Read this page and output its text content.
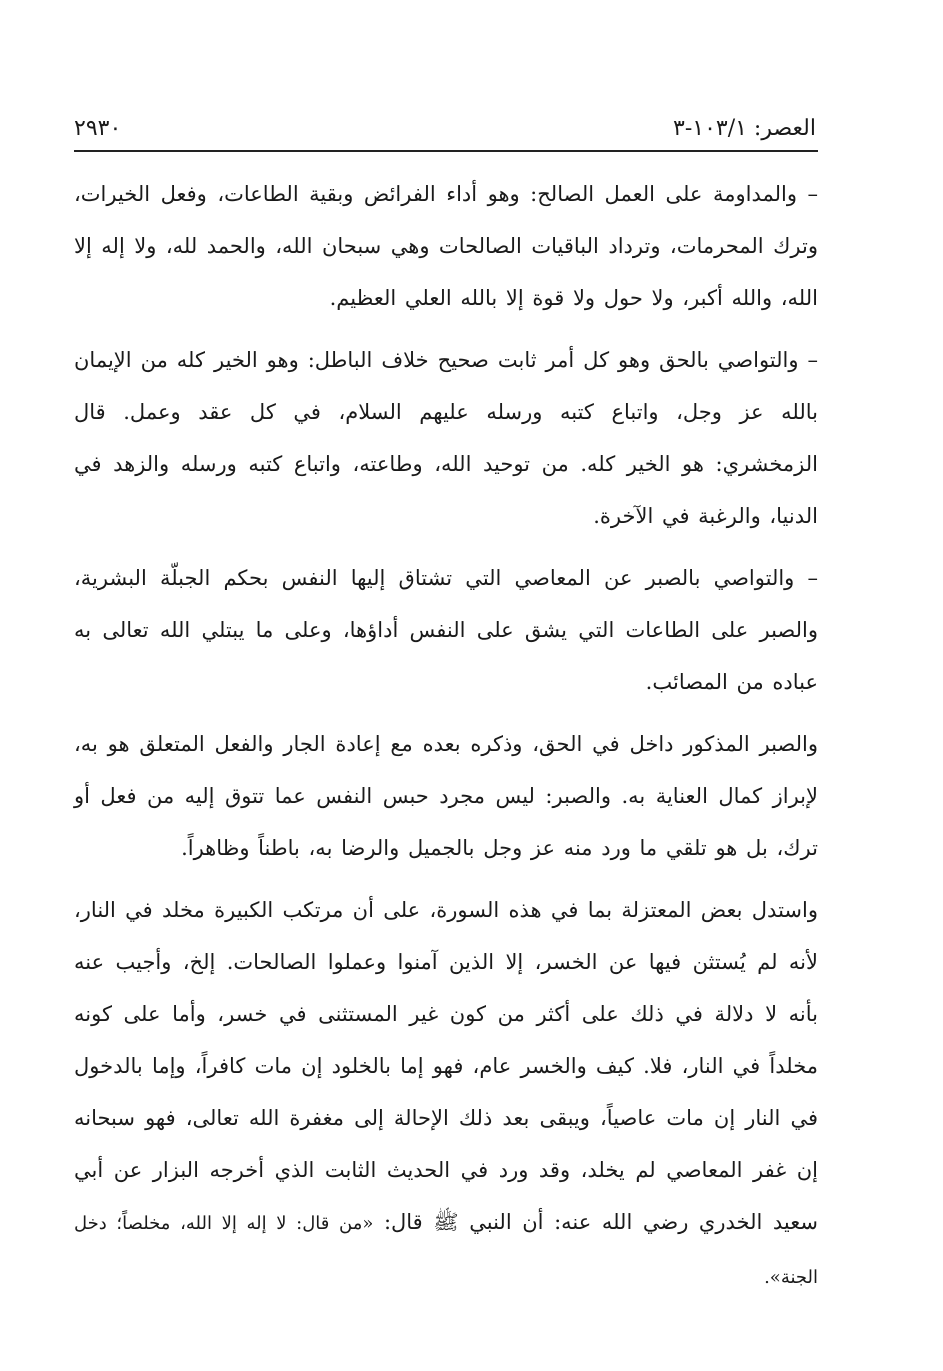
العصر: ١٠٣/١-٣
٢٩٣٠

– والمداومة على العمل الصالح: وهو أداء الفرائض وبقية الطاعات، وفعل الخيرات، وترك المحرمات، وترداد الباقيات الصالحات وهي سبحان الله، والحمد لله، ولا إله إلا الله، والله أكبر، ولا حول ولا قوة إلا بالله العلي العظيم.

– والتواصي بالحق وهو كل أمر ثابت صحيح خلاف الباطل: وهو الخير كله من الإيمان بالله عز وجل، واتباع كتبه ورسله عليهم السلام، في كل عقد وعمل. قال الزمخشري: هو الخير كله. من توحيد الله، وطاعته، واتباع كتبه ورسله والزهد في الدنيا، والرغبة في الآخرة.

– والتواصي بالصبر عن المعاصي التي تشتاق إليها النفس بحكم الجبلّة البشرية، والصبر على الطاعات التي يشق على النفس أداؤها، وعلى ما يبتلي الله تعالى به عباده من المصائب.

والصبر المذكور داخل في الحق، وذكره بعده مع إعادة الجار والفعل المتعلق هو به، لإبراز كمال العناية به. والصبر: ليس مجرد حبس النفس عما تتوق إليه من فعل أو ترك، بل هو تلقي ما ورد منه عز وجل بالجميل والرضا به، باطناً وظاهراً.

واستدل بعض المعتزلة بما في هذه السورة، على أن مرتكب الكبيرة مخلد في النار، لأنه لم يُستثن فيها عن الخسر، إلا الذين آمنوا وعملوا الصالحات. إلخ، وأجيب عنه بأنه لا دلالة في ذلك على أكثر من كون غير المستثنى في خسر، وأما على كونه مخلداً في النار، فلا. كيف والخسر عام، فهو إما بالخلود إن مات كافراً، وإما بالدخول في النار إن مات عاصياً، ويبقى بعد ذلك الإحالة إلى مغفرة الله تعالى، فهو سبحانه إن غفر المعاصي لم يخلد، وقد ورد في الحديث الثابت الذي أخرجه البزار عن أبي سعيد الخدري رضي الله عنه: أن النبي ﷺ قال: «من قال: لا إله إلا الله، مخلصاً؛ دخل الجنة».
